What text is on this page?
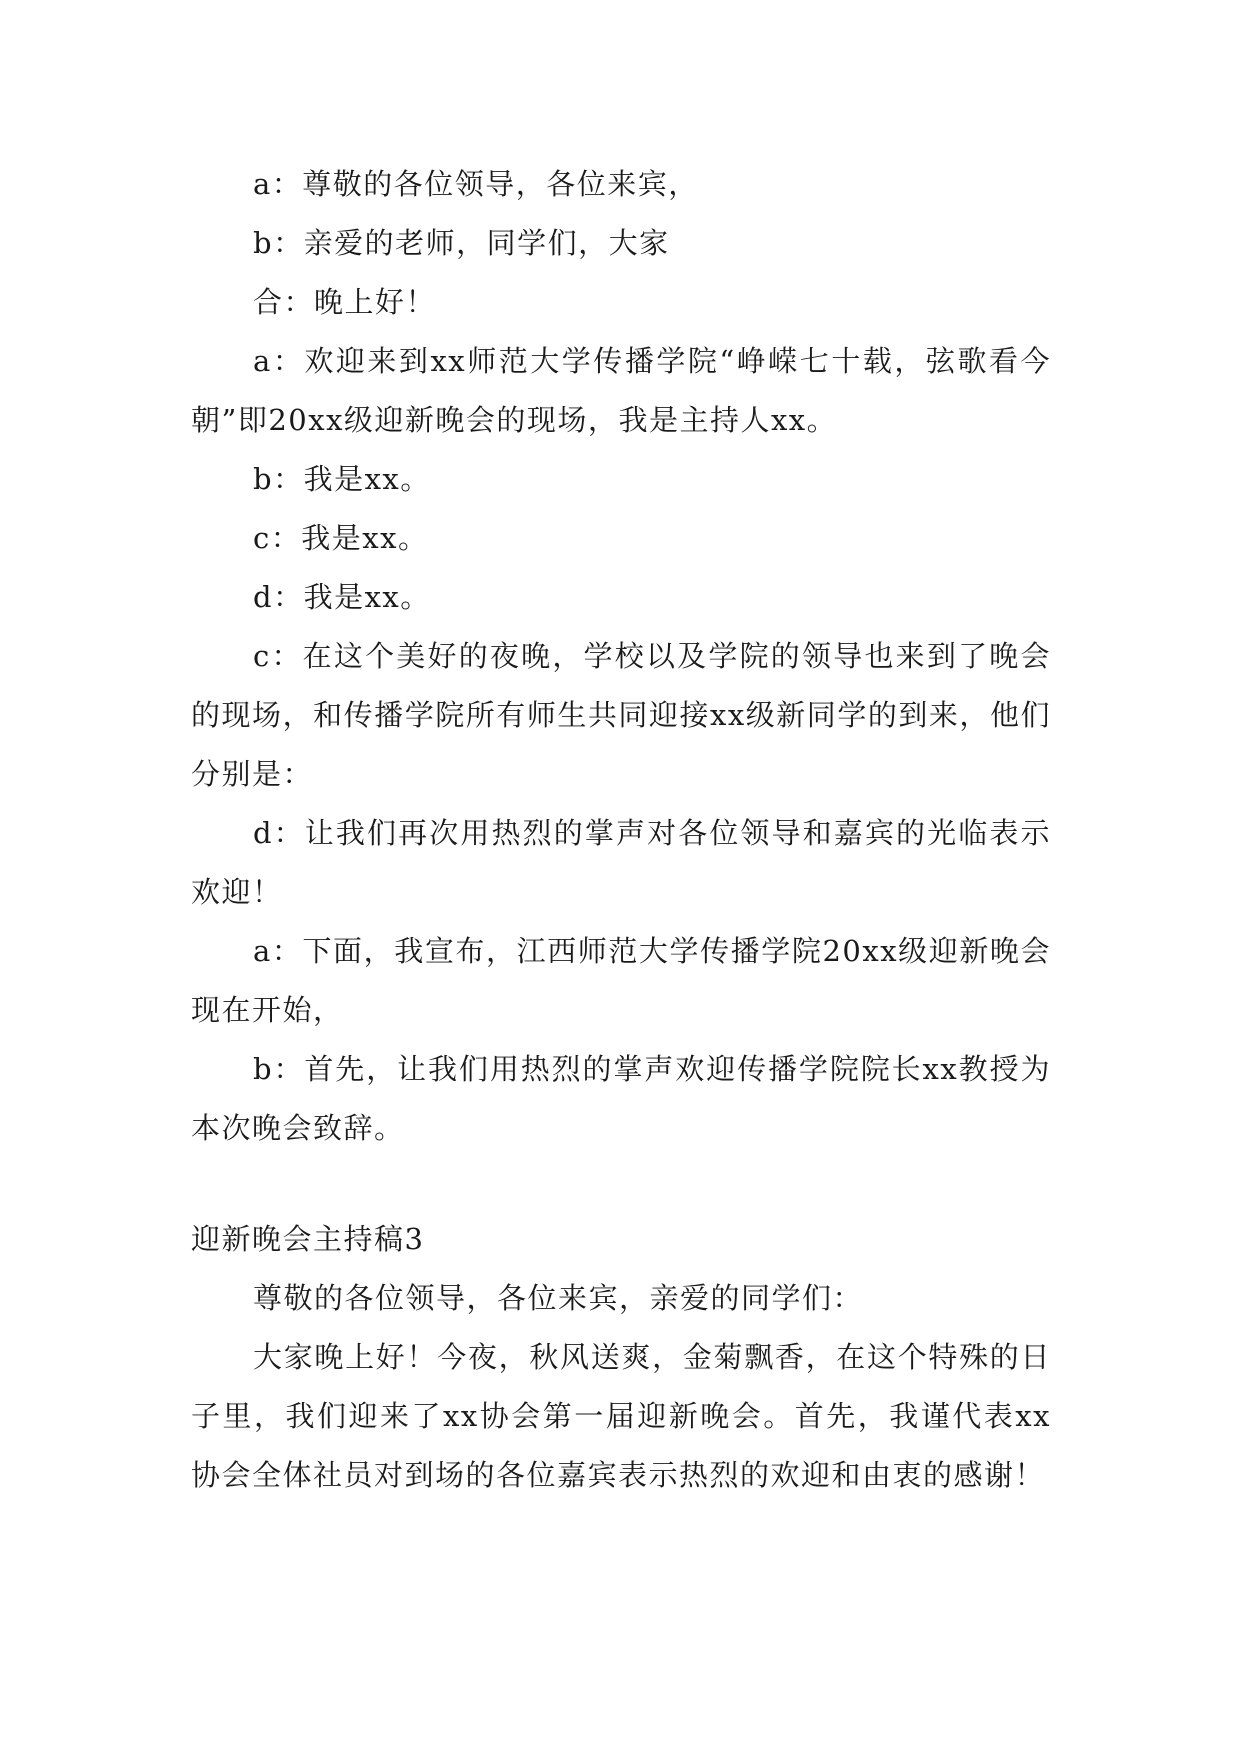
a：尊敬的各位领导，各位来宾，

b：亲爱的老师，同学们，大家

合：晚上好！

a：欢迎来到xx师范大学传播学院“峥嵘七十载，弦歌看今朝”即20xx级迎新晚会的现场，我是主持人xx。

b：我是xx。

c：我是xx。

d：我是xx。

c：在这个美好的夜晚，学校以及学院的领导也来到了晚会的现场，和传播学院所有师生共同迎接xx级新同学的到来，他们分别是：

d：让我们再次用热烈的掌声对各位领导和嘉宾的光临表示欢迎！

a：下面，我宣布，江西师范大学传播学院20xx级迎新晚会现在开始，

b：首先，让我们用热烈的掌声欢迎传播学院院长xx教授为本次晚会致辞。

迎新晚会主持稿3

尊敬的各位领导，各位来宾，亲爱的同学们：

大家晚上好！今夜，秋风送爽，金菊飘香，在这个特殊的日子里，我们迎来了xx协会第一届迎新晚会。首先，我谨代表xx协会全体社员对到场的各位嘉宾表示热烈的欢迎和由衷的感谢！
